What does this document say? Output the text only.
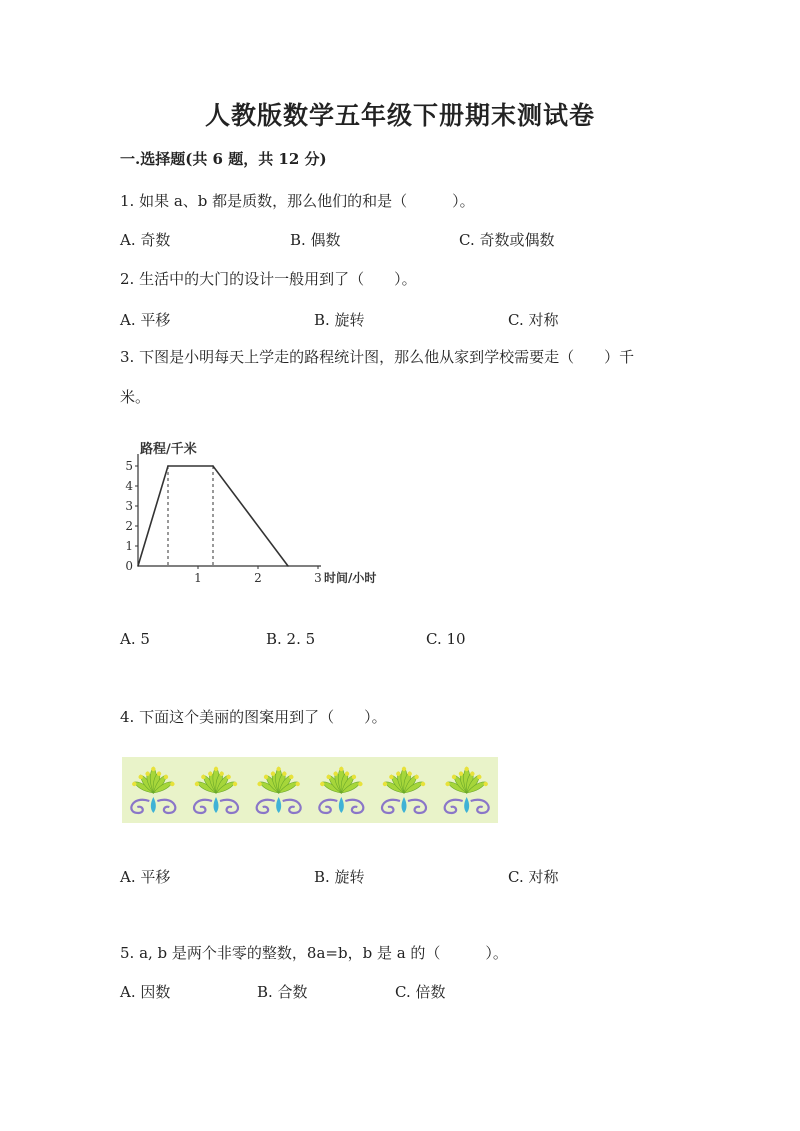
人教版数学五年级下册期末测试卷
一.选择题(共 6 题，共 12 分)
1. 如果 a、b 都是质数，那么他们的和是（　　　）。
A. 奇数	B. 偶数	C. 奇数或偶数
2. 生活中的大门的设计一般用到了（　　）。
A. 平移	B. 旋转	C. 对称
3. 下图是小明每天上学走的路程统计图，那么他从家到学校需要走（　　）千
米。
1
2
3
4
5
0
1	2	3
路程/千米
时间/小时
A. 5	B. 2. 5	C. 10
4. 下面这个美丽的图案用到了（　　）。
A. 平移	B. 旋转	C. 对称
5. a, b 是两个非零的整数，8a=b，b 是 a 的（　　　）。
A. 因数	B. 合数	C. 倍数
